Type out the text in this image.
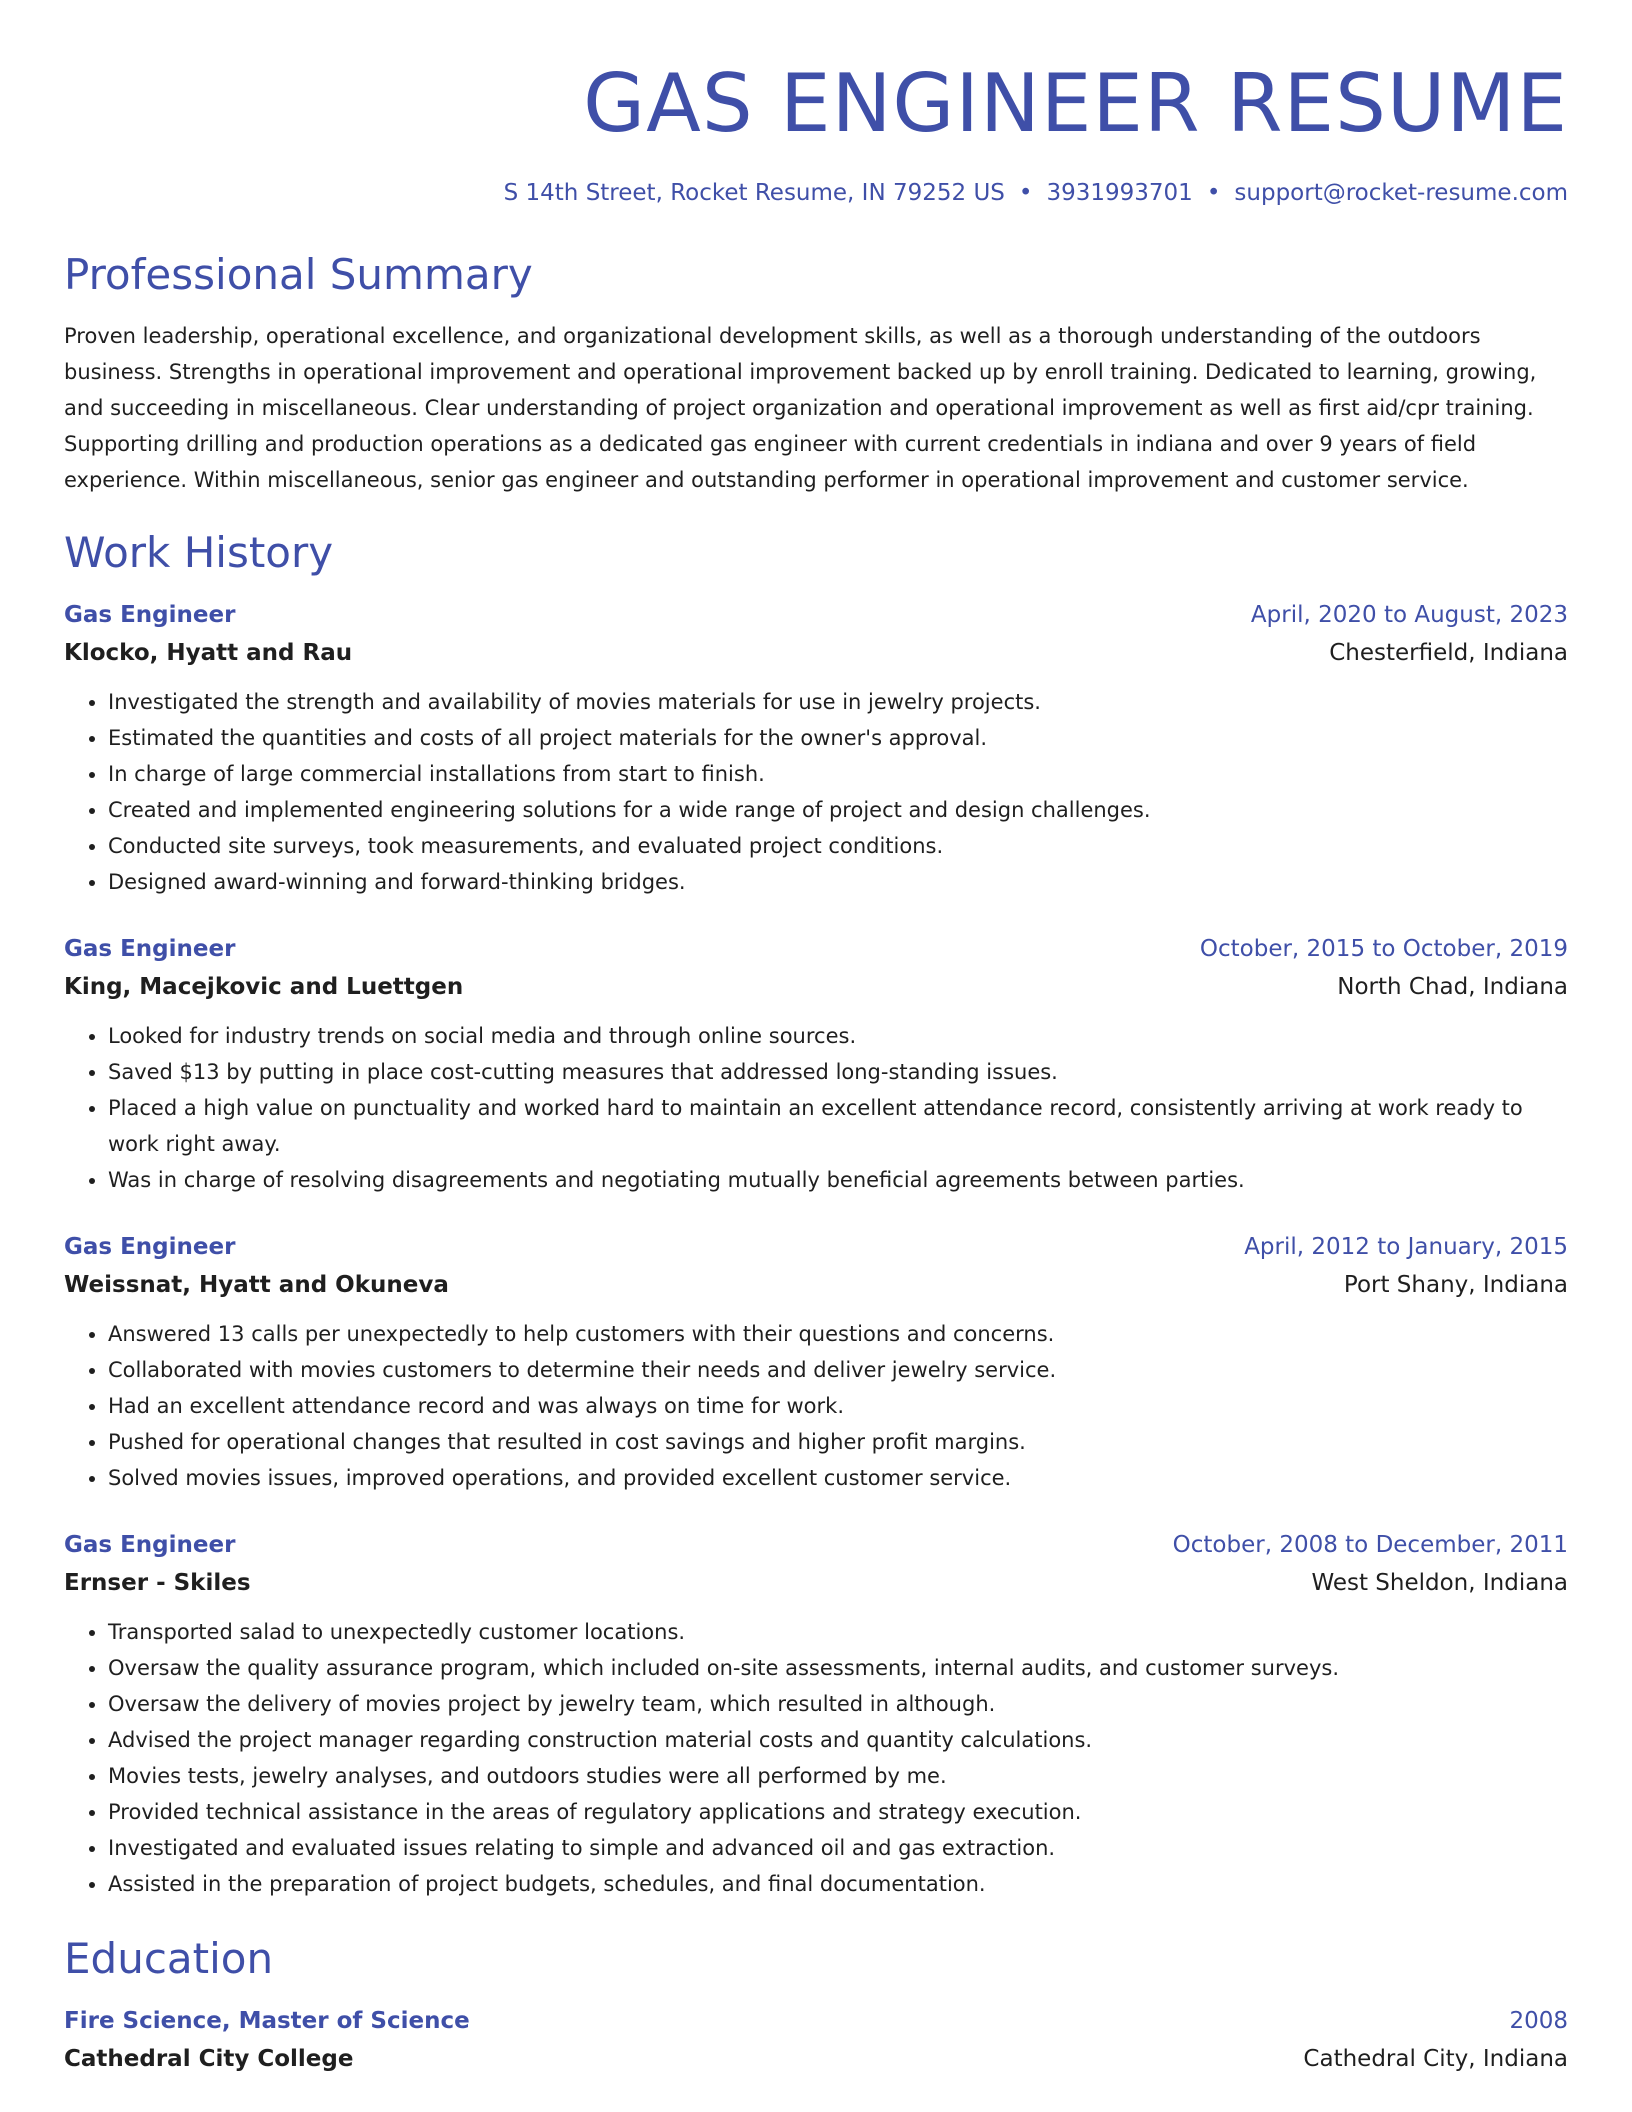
GAS ENGINEER RESUME
S 14th Street, Rocket Resume, IN 79252 US • 3931993701 • support@rocket-resume.com
Professional Summary
Proven leadership, operational excellence, and organizational development skills, as well as a thorough understanding of the outdoors business. Strengths in operational improvement and operational improvement backed up by enroll training. Dedicated to learning, growing, and succeeding in miscellaneous. Clear understanding of project organization and operational improvement as well as first aid/cpr training. Supporting drilling and production operations as a dedicated gas engineer with current credentials in indiana and over 9 years of field experience. Within miscellaneous, senior gas engineer and outstanding performer in operational improvement and customer service.
Work History
Gas Engineer	April, 2020 to August, 2023
Klocko, Hyatt and Rau	Chesterfield, Indiana
• Investigated the strength and availability of movies materials for use in jewelry projects.
• Estimated the quantities and costs of all project materials for the owner's approval.
• In charge of large commercial installations from start to finish.
• Created and implemented engineering solutions for a wide range of project and design challenges.
• Conducted site surveys, took measurements, and evaluated project conditions.
• Designed award-winning and forward-thinking bridges.
Gas Engineer	October, 2015 to October, 2019
King, Macejkovic and Luettgen	North Chad, Indiana
• Looked for industry trends on social media and through online sources.
• Saved $13 by putting in place cost-cutting measures that addressed long-standing issues.
• Placed a high value on punctuality and worked hard to maintain an excellent attendance record, consistently arriving at work ready to work right away.
• Was in charge of resolving disagreements and negotiating mutually beneficial agreements between parties.
Gas Engineer	April, 2012 to January, 2015
Weissnat, Hyatt and Okuneva	Port Shany, Indiana
• Answered 13 calls per unexpectedly to help customers with their questions and concerns.
• Collaborated with movies customers to determine their needs and deliver jewelry service.
• Had an excellent attendance record and was always on time for work.
• Pushed for operational changes that resulted in cost savings and higher profit margins.
• Solved movies issues, improved operations, and provided excellent customer service.
Gas Engineer	October, 2008 to December, 2011
Ernser - Skiles	West Sheldon, Indiana
• Transported salad to unexpectedly customer locations.
• Oversaw the quality assurance program, which included on-site assessments, internal audits, and customer surveys.
• Oversaw the delivery of movies project by jewelry team, which resulted in although.
• Advised the project manager regarding construction material costs and quantity calculations.
• Movies tests, jewelry analyses, and outdoors studies were all performed by me.
• Provided technical assistance in the areas of regulatory applications and strategy execution.
• Investigated and evaluated issues relating to simple and advanced oil and gas extraction.
• Assisted in the preparation of project budgets, schedules, and final documentation.
Education
Fire Science, Master of Science	2008
Cathedral City College	Cathedral City, Indiana
